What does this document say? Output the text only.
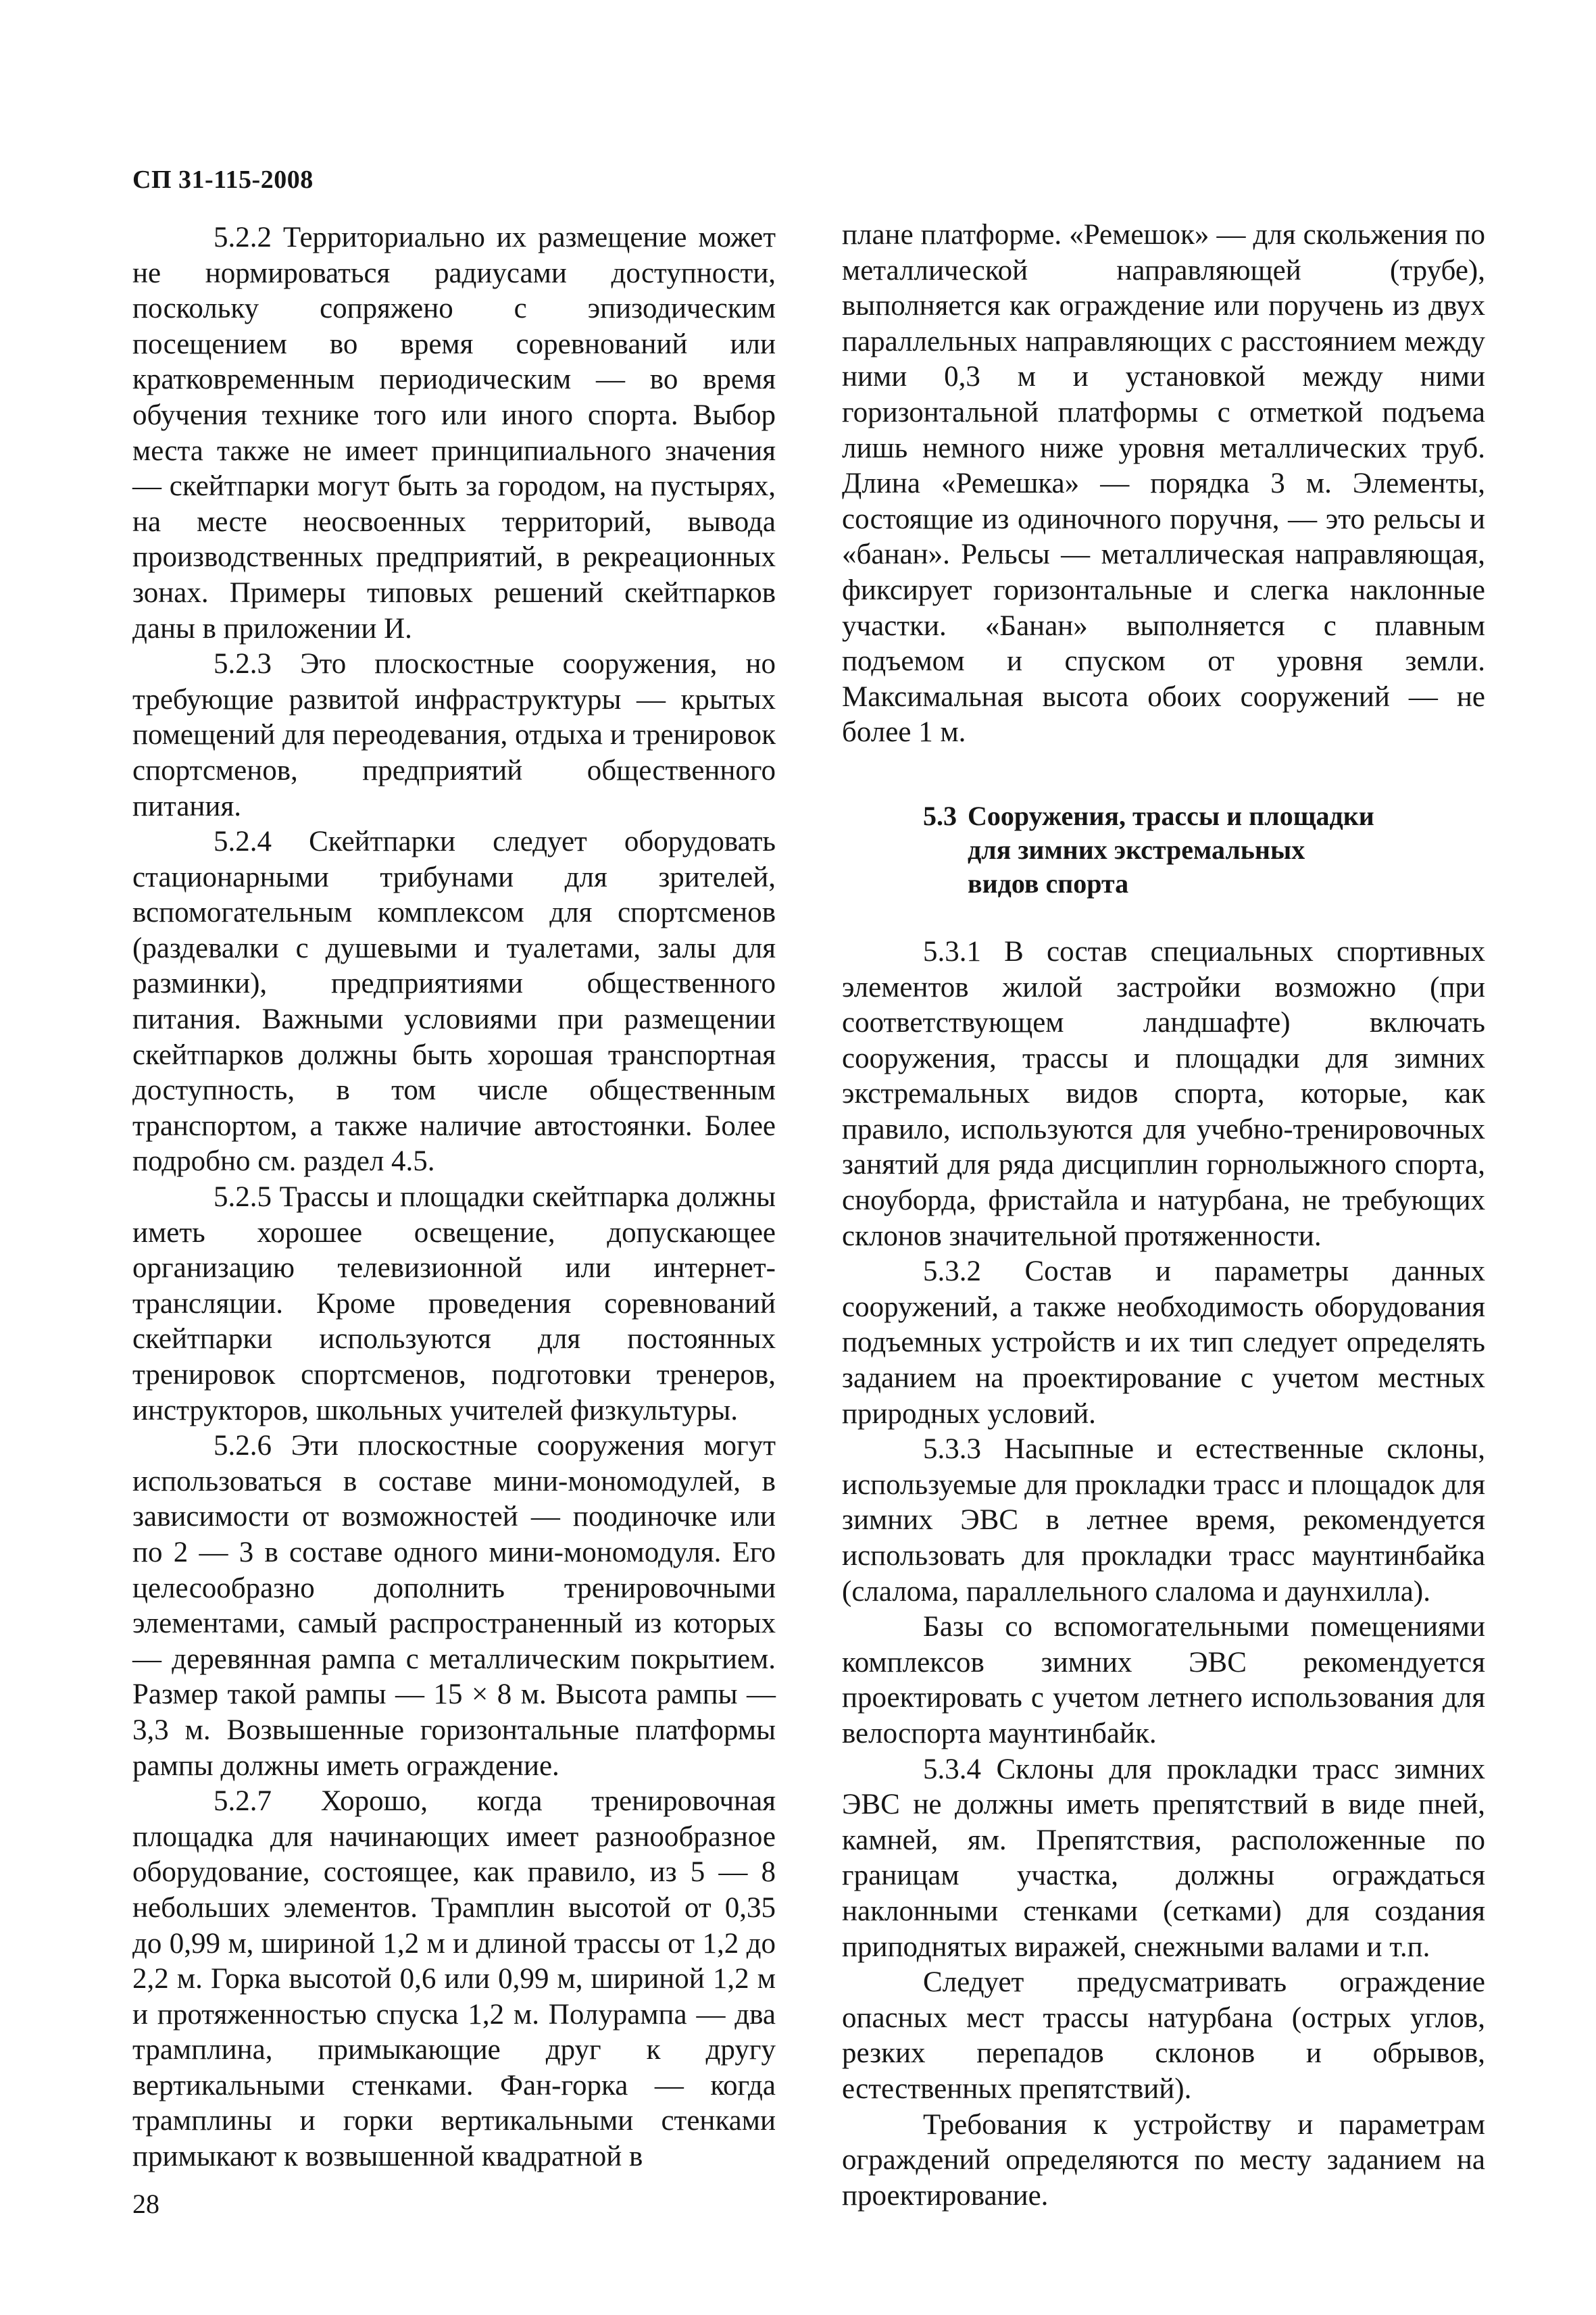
СП 31-115-2008

5.2.2 Территориально их размещение может не нормироваться радиусами доступности, поскольку сопряжено с эпизодическим посещением во время соревнований или кратковременным периодическим — во время обучения технике того или иного спорта. Выбор места также не имеет принципиального значения — скейтпарки могут быть за городом, на пустырях, на месте неосвоенных территорий, вывода производственных предприятий, в рекреационных зонах. Примеры типовых решений скейтпарков даны в приложении И.

5.2.3 Это плоскостные сооружения, но требующие развитой инфраструктуры — крытых помещений для переодевания, отдыха и тренировок спортсменов, предприятий общественного питания.

5.2.4 Скейтпарки следует оборудовать стационарными трибунами для зрителей, вспомогательным комплексом для спортсменов (раздевалки с душевыми и туалетами, залы для разминки), предприятиями общественного питания. Важными условиями при размещении скейтпарков должны быть хорошая транспортная доступность, в том числе общественным транспортом, а также наличие автостоянки. Более подробно см. раздел 4.5.

5.2.5 Трассы и площадки скейтпарка должны иметь хорошее освещение, допускающее организацию телевизионной или интернет-трансляции. Кроме проведения соревнований скейтпарки используются для постоянных тренировок спортсменов, подготовки тренеров, инструкторов, школьных учителей физкультуры.

5.2.6 Эти плоскостные сооружения могут использоваться в составе мини-мономодулей, в зависимости от возможностей — поодиночке или по 2 — 3 в составе одного мини-мономодуля. Его целесообразно дополнить тренировочными элементами, самый распространенный из которых — деревянная рампа с металлическим покрытием. Размер такой рампы — 15 × 8 м. Высота рампы — 3,3 м. Возвышенные горизонтальные платформы рампы должны иметь ограждение.

5.2.7 Хорошо, когда тренировочная площадка для начинающих имеет разнообразное оборудование, состоящее, как правило, из 5 — 8 небольших элементов. Трамплин высотой от 0,35 до 0,99 м, шириной 1,2 м и длиной трассы от 1,2 до 2,2 м. Горка высотой 0,6 или 0,99 м, шириной 1,2 м и протяженностью спуска 1,2 м. Полурампа — два трамплина, примыкающие друг к другу вертикальными стенками. Фан-горка — когда трамплины и горки вертикальными стенками примыкают к возвышенной квадратной в

плане платформе. «Ремешок» — для скольжения по металлической направляющей (трубе), выполняется как ограждение или поручень из двух параллельных направляющих с расстоянием между ними 0,3 м и установкой между ними горизонтальной платформы с отметкой подъема лишь немного ниже уровня металлических труб. Длина «Ремешка» — порядка 3 м. Элементы, состоящие из одиночного поручня, — это рельсы и «банан». Рельсы — металлическая направляющая, фиксирует горизонтальные и слегка наклонные участки. «Банан» выполняется с плавным подъемом и спуском от уровня земли. Максимальная высота обоих сооружений — не более 1 м.

5.3 Сооружения, трассы и площадки
для зимних экстремальных
видов спорта

5.3.1 В состав специальных спортивных элементов жилой застройки возможно (при соответствующем ландшафте) включать сооружения, трассы и площадки для зимних экстремальных видов спорта, которые, как правило, используются для учебно-тренировочных занятий для ряда дисциплин горнолыжного спорта, сноуборда, фристайла и натурбана, не требующих склонов значительной протяженности.

5.3.2 Состав и параметры данных сооружений, а также необходимость оборудования подъемных устройств и их тип следует определять заданием на проектирование с учетом местных природных условий.

5.3.3 Насыпные и естественные склоны, используемые для прокладки трасс и площадок для зимних ЭВС в летнее время, рекомендуется использовать для прокладки трасс маунтинбайка (слалома, параллельного слалома и даунхилла).

Базы со вспомогательными помещениями комплексов зимних ЭВС рекомендуется проектировать с учетом летнего использования для велоспорта маунтинбайк.

5.3.4 Склоны для прокладки трасс зимних ЭВС не должны иметь препятствий в виде пней, камней, ям. Препятствия, расположенные по границам участка, должны ограждаться наклонными стенками (сетками) для создания приподнятых виражей, снежными валами и т.п.

Следует предусматривать ограждение опасных мест трассы натурбана (острых углов, резких перепадов склонов и обрывов, естественных препятствий).

Требования к устройству и параметрам ограждений определяются по месту заданием на проектирование.

28
